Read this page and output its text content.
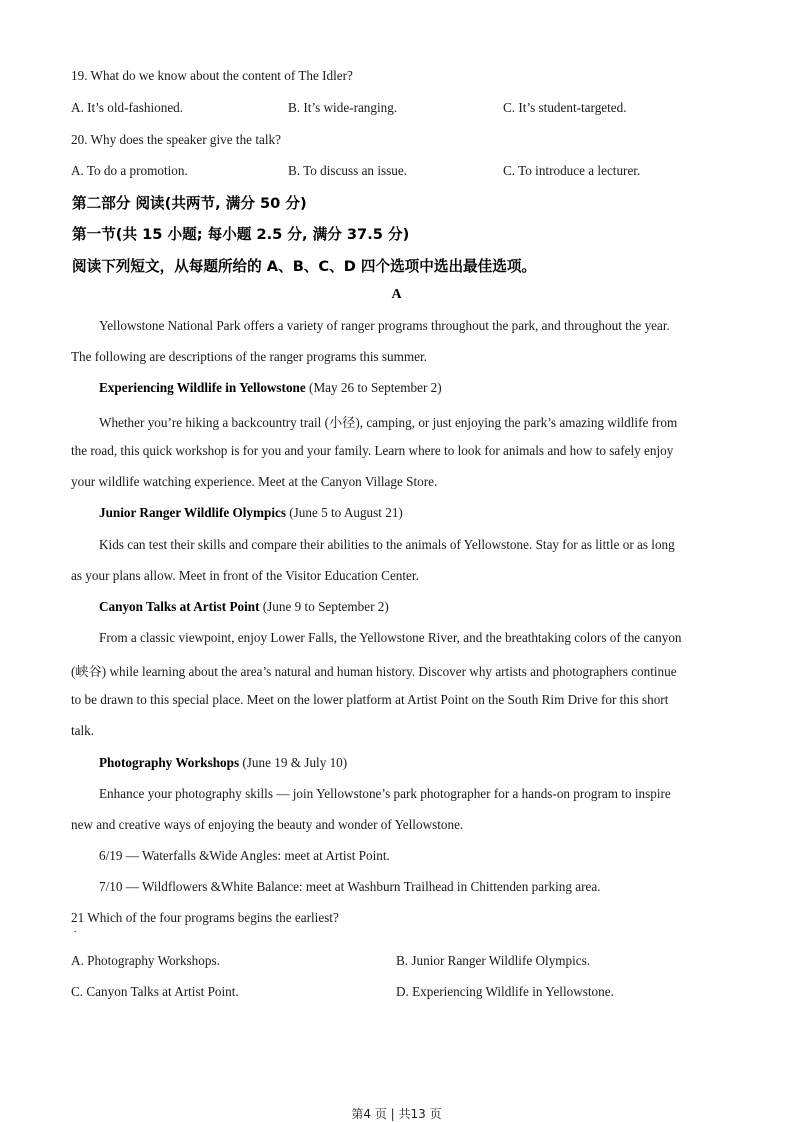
19. What do we know about the content of The Idler?
A. It’s old-fashioned.	B. It’s wide-ranging.	C. It’s student-targeted.
20. Why does the speaker give the talk?
A. To do a promotion.	B. To discuss an issue.	C. To introduce a lecturer.
第二部分 阅读(共两节, 满分 50 分)
第一节(共 15 小题; 每小题 2.5 分, 满分 37.5 分)
阅读下列短文，从每题所给的 A、B、C、D 四个选项中选出最佳选项。
A
Yellowstone National Park offers a variety of ranger programs throughout the park, and throughout the year.
The following are descriptions of the ranger programs this summer.
Experiencing Wildlife in Yellowstone (May 26 to September 2)
Whether you’re hiking a backcountry trail (小径), camping, or just enjoying the park’s amazing wildlife from
the road, this quick workshop is for you and your family. Learn where to look for animals and how to safely enjoy
your wildlife watching experience. Meet at the Canyon Village Store.
Junior Ranger Wildlife Olympics (June 5 to August 21)
Kids can test their skills and compare their abilities to the animals of Yellowstone. Stay for as little or as long
as your plans allow. Meet in front of the Visitor Education Center.
Canyon Talks at Artist Point (June 9 to September 2)
From a classic viewpoint, enjoy Lower Falls, the Yellowstone River, and the breathtaking colors of the canyon
(峡谷) while learning about the area’s natural and human history. Discover why artists and photographers continue
to be drawn to this special place. Meet on the lower platform at Artist Point on the South Rim Drive for this short
talk.
Photography Workshops (June 19 & July 10)
Enhance your photography skills — join Yellowstone’s park photographer for a hands-on program to inspire
new and creative ways of enjoying the beauty and wonder of Yellowstone.
6/19 — Waterfalls &Wide Angles: meet at Artist Point.
7/10 — Wildflowers &White Balance: meet at Washburn Trailhead in Chittenden parking area.
21 Which of the four programs begins the earliest?
.
A. Photography Workshops.	B. Junior Ranger Wildlife Olympics.
C. Canyon Talks at Artist Point.	D. Experiencing Wildlife in Yellowstone.
第4 页 | 共13 页
